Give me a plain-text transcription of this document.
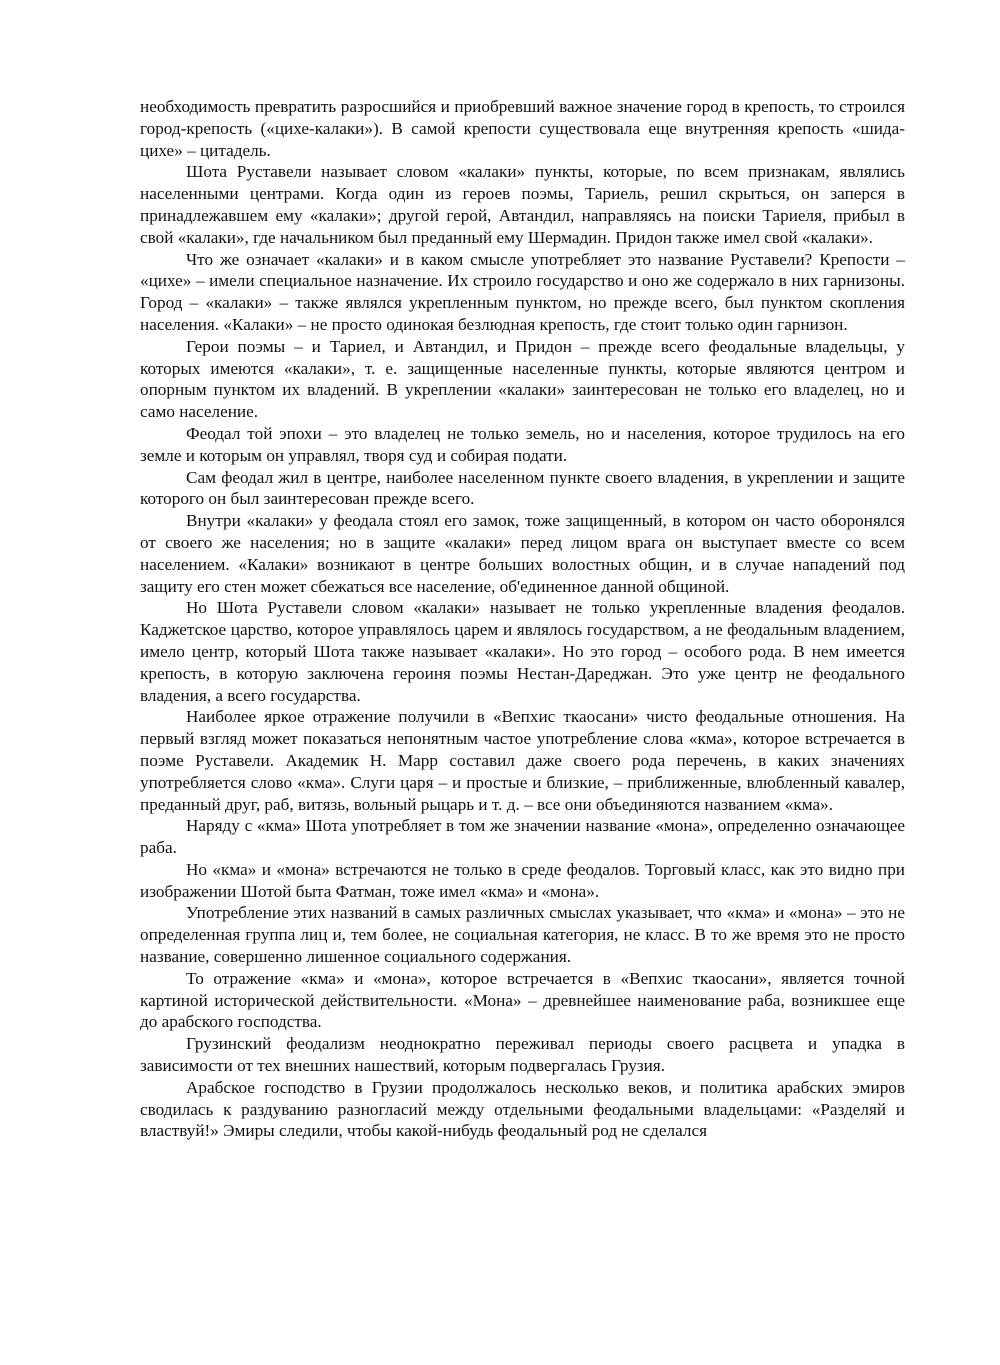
необходимость превратить разросшийся и приобревший важное значение город в крепость, то строился город-крепость («цихе-калаки»). В самой крепости существовала еще внутренняя крепость «шида-цихе» – цитадель.

Шота Руставели называет словом «калаки» пункты, которые, по всем признакам, являлись населенными центрами. Когда один из героев поэмы, Тариель, решил скрыться, он заперся в принадлежавшем ему «калаки»; другой герой, Автандил, направляясь на поиски Тариеля, прибыл в свой «калаки», где начальником был преданный ему Шермадин. Придон также имел свой «калаки».

Что же означает «калаки» и в каком смысле употребляет это название Руставели? Крепости – «цихе» – имели специальное назначение. Их строило государство и оно же содержало в них гарнизоны. Город – «калаки» – также являлся укрепленным пунктом, но прежде всего, был пунктом скопления населения. «Калаки» – не просто одинокая безлюдная крепость, где стоит только один гарнизон.

Герои поэмы – и Тариел, и Автандил, и Придон – прежде всего феодальные владельцы, у которых имеются «калаки», т. е. защищенные населенные пункты, которые являются центром и опорным пунктом их владений. В укреплении «калаки» заинтересован не только его владелец, но и само население.

Феодал той эпохи – это владелец не только земель, но и населения, которое трудилось на его земле и которым он управлял, творя суд и собирая подати.

Сам феодал жил в центре, наиболее населенном пункте своего владения, в укреплении и защите которого он был заинтересован прежде всего.

Внутри «калаки» у феодала стоял его замок, тоже защищенный, в котором он часто оборонялся от своего же населения; но в защите «калаки» перед лицом врага он выступает вместе со всем населением. «Калаки» возникают в центре больших волостных общин, и в случае нападений под защиту его стен может сбежаться все население, об'единенное данной общиной.

Но Шота Руставели словом «калаки» называет не только укрепленные владения феодалов. Каджетское царство, которое управлялось царем и являлось государством, а не феодальным владением, имело центр, который Шота также называет «калаки». Но это город – особого рода. В нем имеется крепость, в которую заключена героиня поэмы Нестан-Дареджан. Это уже центр не феодального владения, а всего государства.

Наиболее яркое отражение получили в «Вепхис ткаосани» чисто феодальные отношения. На первый взгляд может показаться непонятным частое употребление слова «кма», которое встречается в поэме Руставели. Академик Н. Марр составил даже своего рода перечень, в каких значениях употребляется слово «кма». Слуги царя – и простые и близкие, – приближенные, влюбленный кавалер, преданный друг, раб, витязь, вольный рыцарь и т. д. – все они объединяются названием «кма».

Наряду с «кма» Шота употребляет в том же значении название «мона», определенно означающее раба.

Но «кма» и «мона» встречаются не только в среде феодалов. Торговый класс, как это видно при изображении Шотой быта Фатман, тоже имел «кма» и «мона».

Употребление этих названий в самых различных смыслах указывает, что «кма» и «мона» – это не определенная группа лиц и, тем более, не социальная категория, не класс. В то же время это не просто название, совершенно лишенное социального содержания.

То отражение «кма» и «мона», которое встречается в «Вепхис ткаосани», является точной картиной исторической действительности. «Мона» – древнейшее наименование раба, возникшее еще до арабского господства.

Грузинский феодализм неоднократно переживал периоды своего расцвета и упадка в зависимости от тех внешних нашествий, которым подвергалась Грузия.

Арабское господство в Грузии продолжалось несколько веков, и политика арабских эмиров сводилась к раздуванию разногласий между отдельными феодальными владельцами: «Разделяй и властвуй!» Эмиры следили, чтобы какой-нибудь феодальный род не сделался
